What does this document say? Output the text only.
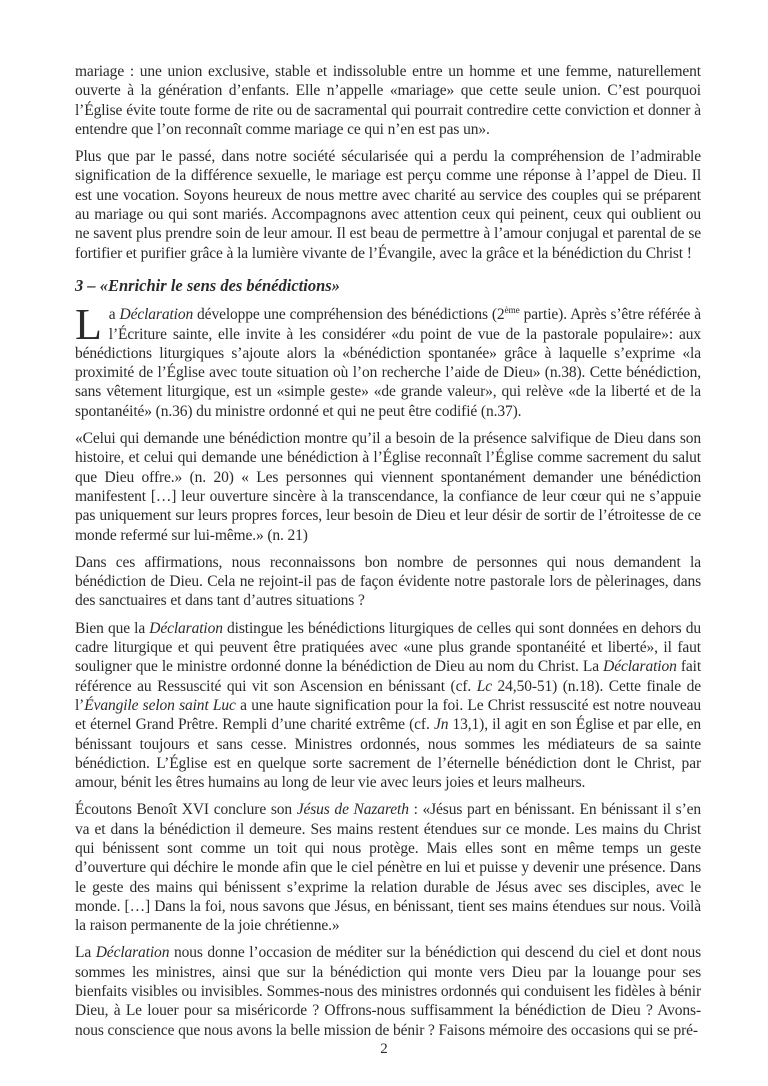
mariage : une union exclusive, stable et indissoluble entre un homme et une femme, naturellement ouverte à la génération d’enfants. Elle n’appelle «mariage» que cette seule union. C’est pourquoi l’Église évite toute forme de rite ou de sacramental qui pourrait contredire cette conviction et donner à entendre que l’on reconnaît comme mariage ce qui n’en est pas un».

Plus que par le passé, dans notre société sécularisée qui a perdu la compréhension de l’admirable signification de la différence sexuelle, le mariage est perçu comme une réponse à l’appel de Dieu. Il est une vocation. Soyons heureux de nous mettre avec charité au service des couples qui se préparent au mariage ou qui sont mariés. Accompagnons avec attention ceux qui peinent, ceux qui oublient ou ne savent plus prendre soin de leur amour. Il est beau de permettre à l’amour conjugal et parental de se fortifier et purifier grâce à la lumière vivante de l’Évangile, avec la grâce et la bénédiction du Christ !

3 – «Enrichir le sens des bénédictions»

La Déclaration développe une compréhension des bénédictions (2ème partie). Après s’être référée à l’Écriture sainte, elle invite à les considérer «du point de vue de la pastorale populaire»: aux bénédictions liturgiques s’ajoute alors la «bénédiction spontanée» grâce à laquelle s’exprime «la proximité de l’Église avec toute situation où l’on recherche l’aide de Dieu» (n.38). Cette bénédiction, sans vêtement liturgique, est un «simple geste» «de grande valeur», qui relève «de la liberté et de la spontanéité» (n.36) du ministre ordonné et qui ne peut être codifié (n.37).

«Celui qui demande une bénédiction montre qu’il a besoin de la présence salvifique de Dieu dans son histoire, et celui qui demande une bénédiction à l’Église reconnaît l’Église comme sacrement du salut que Dieu offre.» (n. 20) « Les personnes qui viennent spontanément demander une bénédiction manifestent […] leur ouverture sincère à la transcendance, la confiance de leur cœur qui ne s’appuie pas uniquement sur leurs propres forces, leur besoin de Dieu et leur désir de sortir de l’étroitesse de ce monde refermé sur lui-même.» (n. 21)

Dans ces affirmations, nous reconnaissons bon nombre de personnes qui nous demandent la bénédiction de Dieu. Cela ne rejoint-il pas de façon évidente notre pastorale lors de pèlerinages, dans des sanctuaires et dans tant d’autres situations ?

Bien que la Déclaration distingue les bénédictions liturgiques de celles qui sont données en dehors du cadre liturgique et qui peuvent être pratiquées avec «une plus grande spontanéité et liberté», il faut souligner que le ministre ordonné donne la bénédiction de Dieu au nom du Christ. La Déclaration fait référence au Ressuscité qui vit son Ascension en bénissant (cf. Lc 24,50-51) (n.18). Cette finale de l’Évangile selon saint Luc a une haute signification pour la foi. Le Christ ressuscité est notre nouveau et éternel Grand Prêtre. Rempli d’une charité extrême (cf. Jn 13,1), il agit en son Église et par elle, en bénissant toujours et sans cesse. Ministres ordonnés, nous sommes les médiateurs de sa sainte bénédiction. L’Église est en quelque sorte sacrement de l’éternelle bénédiction dont le Christ, par amour, bénit les êtres humains au long de leur vie avec leurs joies et leurs malheurs.

Écoutons Benoît XVI conclure son Jésus de Nazareth : «Jésus part en bénissant. En bénissant il s’en va et dans la bénédiction il demeure. Ses mains restent étendues sur ce monde. Les mains du Christ qui bénissent sont comme un toit qui nous protège. Mais elles sont en même temps un geste d’ouverture qui déchire le monde afin que le ciel pénètre en lui et puisse y devenir une présence. Dans le geste des mains qui bénissent s’exprime la relation durable de Jésus avec ses disciples, avec le monde. […] Dans la foi, nous savons que Jésus, en bénissant, tient ses mains étendues sur nous. Voilà la raison permanente de la joie chrétienne.»

La Déclaration nous donne l’occasion de méditer sur la bénédiction qui descend du ciel et dont nous sommes les ministres, ainsi que sur la bénédiction qui monte vers Dieu par la louange pour ses bienfaits visibles ou invisibles. Sommes-nous des ministres ordonnés qui conduisent les fidèles à bénir Dieu, à Le louer pour sa miséricorde ? Offrons-nous suffisamment la bénédiction de Dieu ? Avons-nous conscience que nous avons la belle mission de bénir ? Faisons mémoire des occasions qui se pré-

2
